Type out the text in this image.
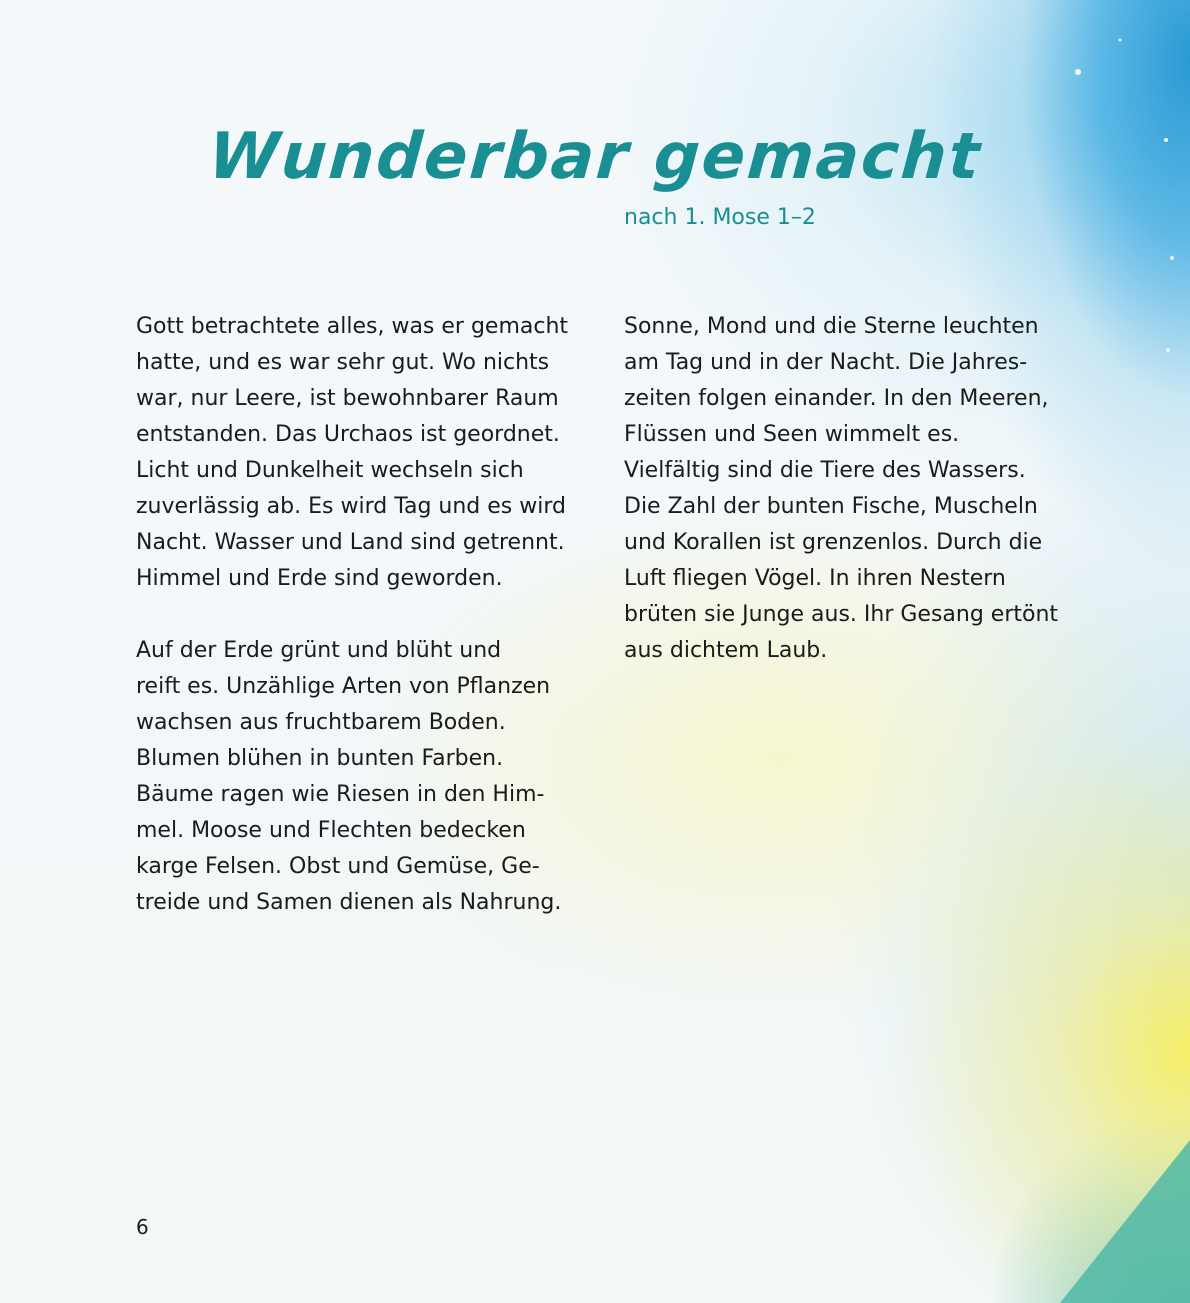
Wunderbar gemacht

nach 1. Mose 1–2

Gott betrachtete alles, was er gemacht
hatte, und es war sehr gut. Wo nichts
war, nur Leere, ist bewohnbarer Raum
entstanden. Das Urchaos ist geordnet.
Licht und Dunkelheit wechseln sich
zuverlässig ab. Es wird Tag und es wird
Nacht. Wasser und Land sind getrennt.
Himmel und Erde sind geworden.

Auf der Erde grünt und blüht und
reift es. Unzählige Arten von Pflanzen
wachsen aus fruchtbarem Boden.
Blumen blühen in bunten Farben.
Bäume ragen wie Riesen in den Him-
mel. Moose und Flechten bedecken
karge Felsen. Obst und Gemüse, Ge-
treide und Samen dienen als Nahrung.

Sonne, Mond und die Sterne leuchten
am Tag und in der Nacht. Die Jahres-
zeiten folgen einander. In den Meeren,
Flüssen und Seen wimmelt es.
Vielfältig sind die Tiere des Wassers.
Die Zahl der bunten Fische, Muscheln
und Korallen ist grenzenlos. Durch die
Luft fliegen Vögel. In ihren Nestern
brüten sie Junge aus. Ihr Gesang ertönt
aus dichtem Laub.

6
